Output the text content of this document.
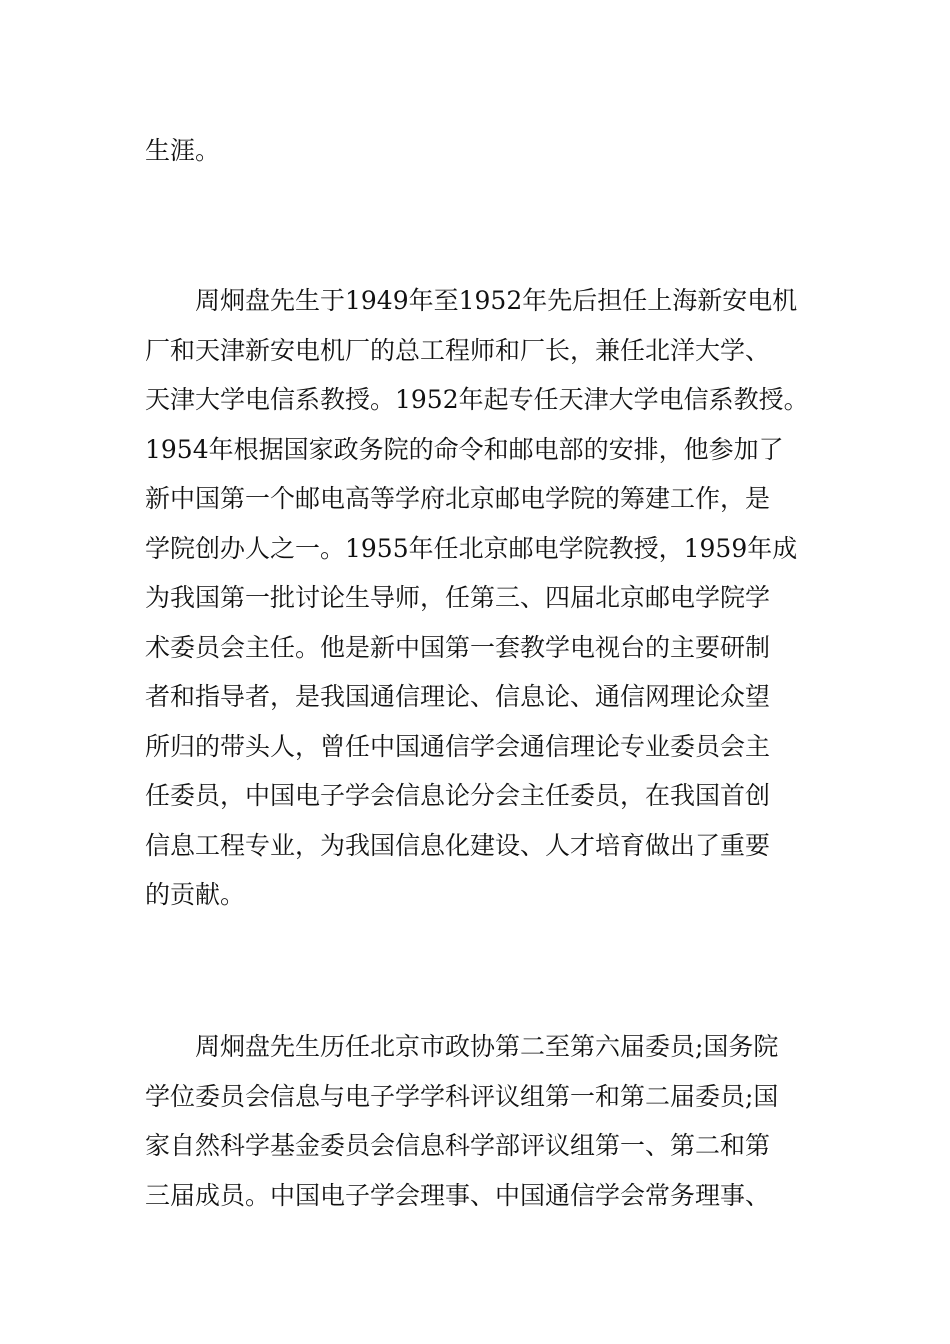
生涯。
周炯盘先生于1949年至1952年先后担任上海新安电机
厂和天津新安电机厂的总工程师和厂长，兼任北洋大学、
天津大学电信系教授。1952年起专任天津大学电信系教授。
1954年根据国家政务院的命令和邮电部的安排，他参加了
新中国第一个邮电高等学府北京邮电学院的筹建工作，是
学院创办人之一。1955年任北京邮电学院教授，1959年成
为我国第一批讨论生导师，任第三、四届北京邮电学院学
术委员会主任。他是新中国第一套教学电视台的主要研制
者和指导者，是我国通信理论、信息论、通信网理论众望
所归的带头人，曾任中国通信学会通信理论专业委员会主
任委员，中国电子学会信息论分会主任委员，在我国首创
信息工程专业，为我国信息化建设、人才培育做出了重要
的贡献。
周炯盘先生历任北京市政协第二至第六届委员;国务院
学位委员会信息与电子学学科评议组第一和第二届委员;国
家自然科学基金委员会信息科学部评议组第一、第二和第
三届成员。中国电子学会理事、中国通信学会常务理事、
